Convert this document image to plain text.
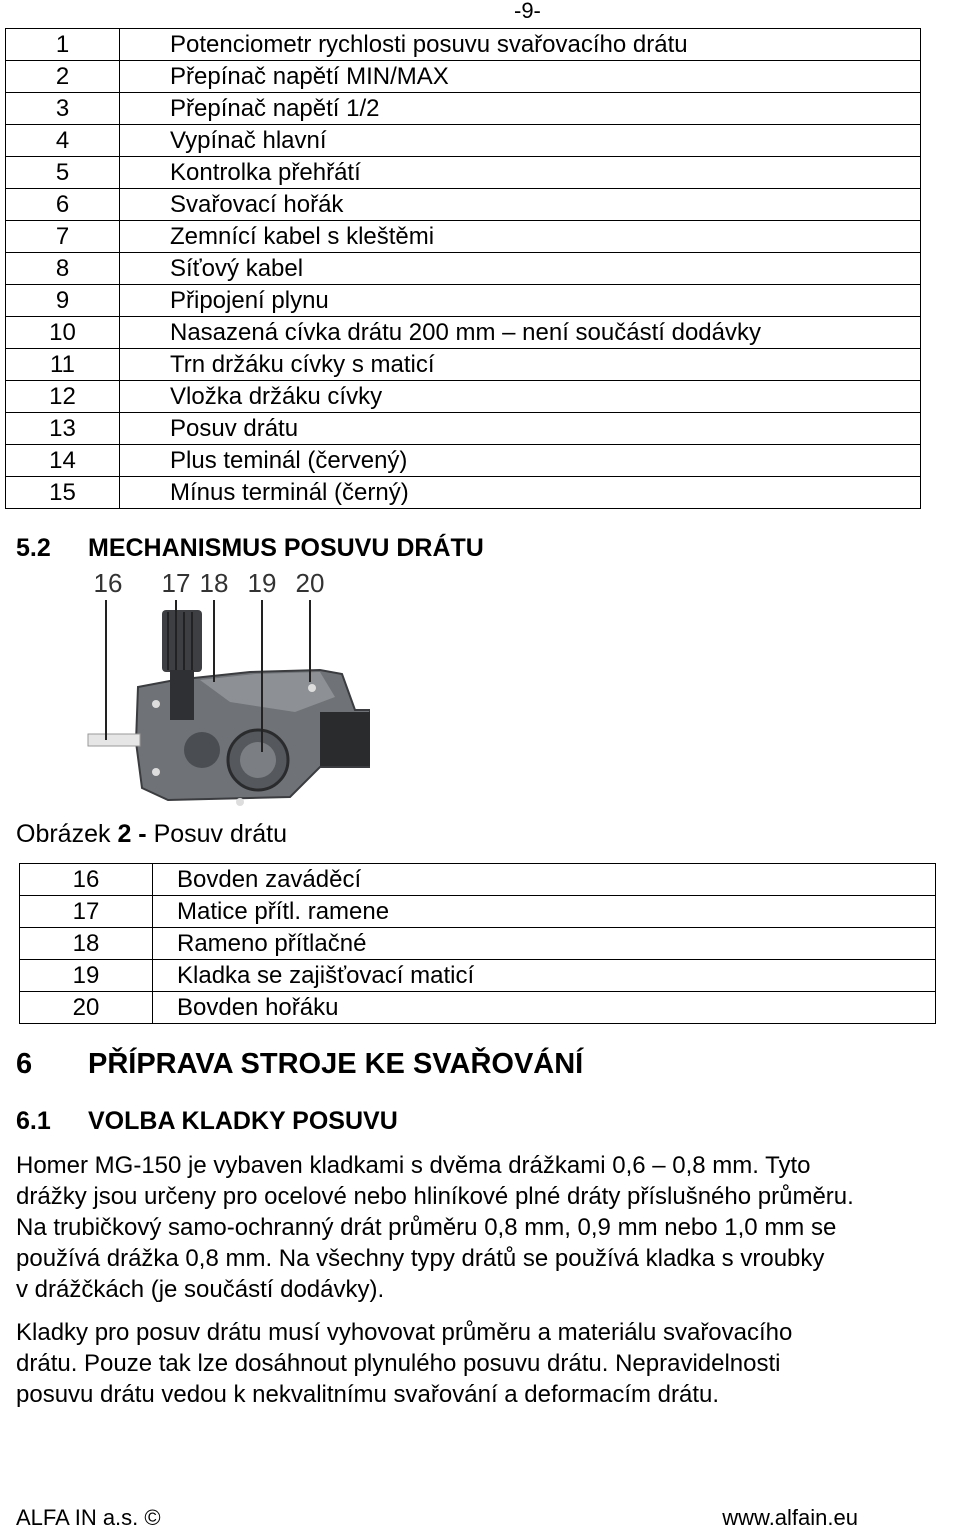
-9-
1	Potenciometr rychlosti posuvu svařovacího drátu
2	Přepínač napětí MIN/MAX
3	Přepínač napětí 1/2
4	Vypínač hlavní
5	Kontrolka přehřátí
6	Svařovací hořák
7	Zemnící kabel s kleštěmi
8	Síťový kabel
9	Připojení plynu
10	Nasazená cívka drátu 200 mm – není součástí dodávky
11	Trn držáku cívky s maticí
12	Vložka držáku cívky
13	Posuv drátu
14	Plus teminál (červený)
15	Mínus terminál (černý)
5.2 MECHANISMUS POSUVU DRÁTU
16 17 18 19 20
Obrázek 2 - Posuv drátu
16	Bovden zaváděcí
17	Matice přítl. ramene
18	Rameno přítlačné
19	Kladka se zajišťovací maticí
20	Bovden hořáku
6 PŘÍPRAVA STROJE KE SVAŘOVÁNÍ
6.1 VOLBA KLADKY POSUVU
Homer MG-150 je vybaven kladkami s dvěma drážkami 0,6 – 0,8 mm. Tyto
drážky jsou určeny pro ocelové nebo hliníkové plné dráty příslušného průměru.
Na trubičkový samo-ochranný drát průměru 0,8 mm, 0,9 mm nebo 1,0 mm se
používá drážka 0,8 mm. Na všechny typy drátů se používá kladka s vroubky
v drážčkách (je součástí dodávky).
Kladky pro posuv drátu musí vyhovovat průměru a materiálu svařovacího
drátu. Pouze tak lze dosáhnout plynulého posuvu drátu. Nepravidelnosti
posuvu drátu vedou k nekvalitnímu svařování a deformacím drátu.
ALFA IN a.s. ©	www.alfain.eu
